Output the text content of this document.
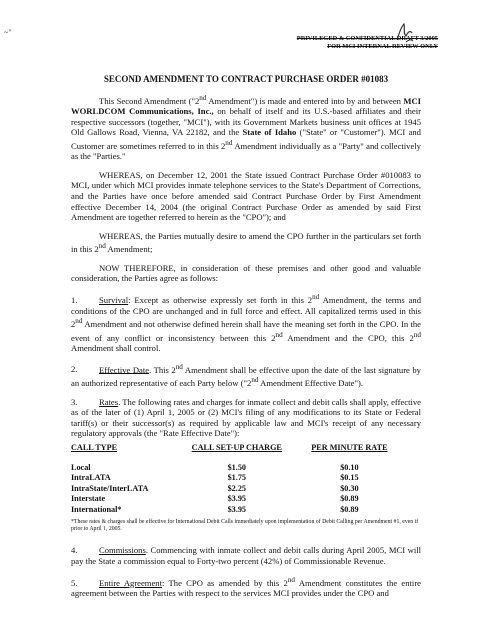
~"
PRIVILEGED & CONFIDENTIAL DRAFT 3/2005
FOR MCI INTERNAL REVIEW ONLY
SECOND AMENDMENT TO CONTRACT PURCHASE ORDER #01083

This Second Amendment ("2nd Amendment") is made and entered into by and between MCI WORLDCOM Communications, Inc., on behalf of itself and its U.S.-based affiliates and their respective successors (together, "MCI"), with its Government Markets business unit offices at 1945 Old Gallows Road, Vienna, VA 22182, and the State of Idaho ("State" or "Customer"). MCI and Customer are sometimes referred to in this 2nd Amendment individually as a "Party" and collectively as the "Parties."

WHEREAS, on December 12, 2001 the State issued Contract Purchase Order #010083 to MCI, under which MCI provides inmate telephone services to the State's Department of Corrections, and the Parties have once before amended said Contract Purchase Order by First Amendment effective December 14, 2004 (the original Contract Purchase Order as amended by said First Amendment are together referred to herein as the "CPO"); and

WHEREAS, the Parties mutually desire to amend the CPO further in the particulars set forth in this 2nd Amendment;

NOW THEREFORE, in consideration of these premises and other good and valuable consideration, the Parties agree as follows:

1.	Survival: Except as otherwise expressly set forth in this 2nd Amendment, the terms and conditions of the CPO are unchanged and in full force and effect. All capitalized terms used in this 2nd Amendment and not otherwise defined herein shall have the meaning set forth in the CPO. In the event of any conflict or inconsistency between this 2nd Amendment and the CPO, this 2nd Amendment shall control.

2.	Effective Date. This 2nd Amendment shall be effective upon the date of the last signature by an authorized representative of each Party below ("2nd Amendment Effective Date").

3.	Rates. The following rates and charges for inmate collect and debit calls shall apply, effective as of the later of (1) April 1, 2005 or (2) MCI's filing of any modifications to its State or Federal tariff(s) or their successor(s) as required by applicable law and MCI's receipt of any necessary regulatory approvals (the "Rate Effective Date"):

CALL TYPE	CALL SET-UP CHARGE	PER MINUTE RATE
Local	$1.50	$0.10
IntraLATA	$1.75	$0.15
IntraState/InterLATA	$2.25	$0.30
Interstate	$3.95	$0.89
International*	$3.95	$0.89
*These rates & charges shall be effective for International Debit Calls immediately upon implementation of Debit Calling per Amendment #1, even if prior to April 1, 2005.

4.	Commissions. Commencing with inmate collect and debit calls during April 2005, MCI will pay the State a commission equal to Forty-two percent (42%) of Commissionable Revenue.

5.	Entire Agreement: The CPO as amended by this 2nd Amendment constitutes the entire agreement between the Parties with respect to the services MCI provides under the CPO and
